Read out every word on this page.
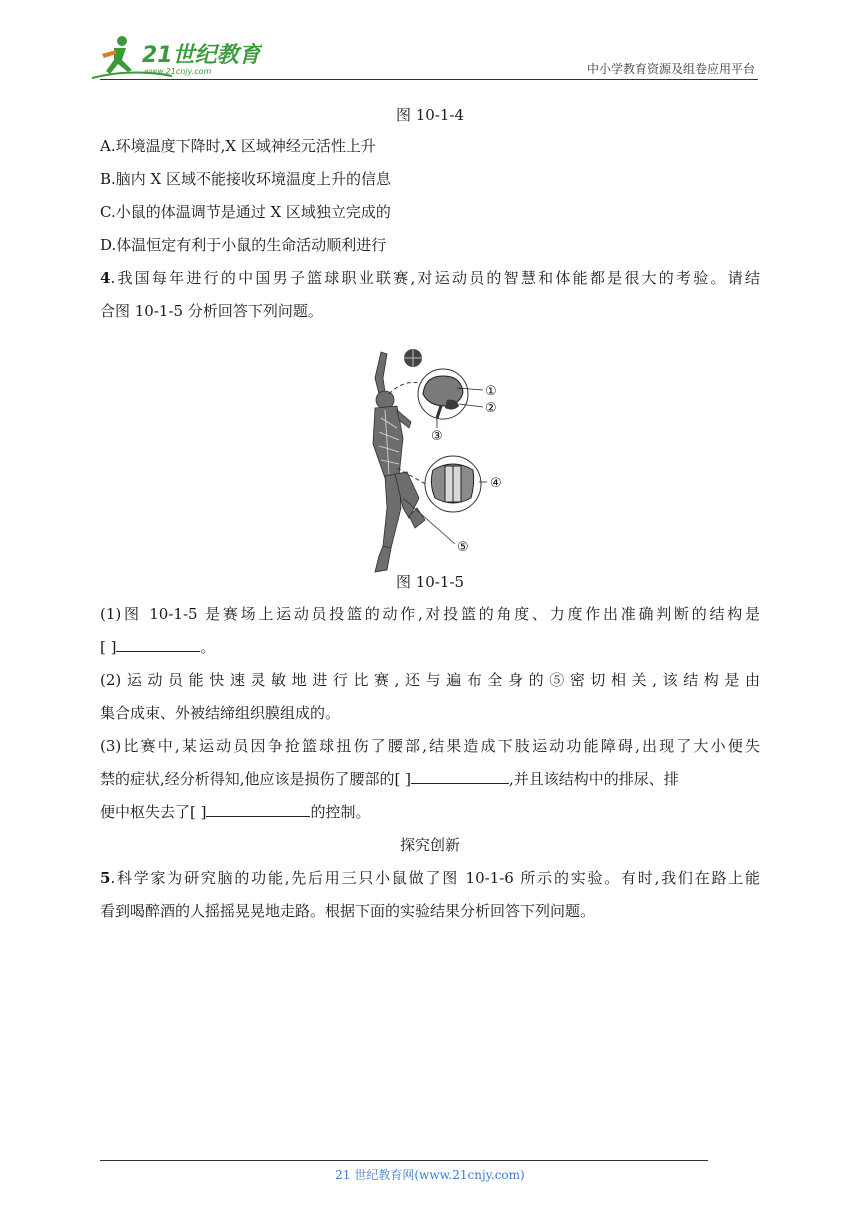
21世纪教育
www.21cnjy.com	中小学教育资源及组卷应用平台
图 10-1-4
A.环境温度下降时,X 区域神经元活性上升
B.脑内 X 区域不能接收环境温度上升的信息
C.小鼠的体温调节是通过 X 区域独立完成的
D.体温恒定有利于小鼠的生命活动顺利进行
4.我国每年进行的中国男子篮球职业联赛,对运动员的智慧和体能都是很大的考验。请结
合图 10-1-5 分析回答下列问题。
图 10-1-5
(1)图 10-1-5 是赛场上运动员投篮的动作,对投篮的角度、力度作出准确判断的结构是
[ ]	。
(2)运动员能快速灵敏地进行比赛,还与遍布全身的⑤密切相关,该结构是由
集合成束、外被结缔组织膜组成的。
(3)比赛中,某运动员因争抢篮球扭伤了腰部,结果造成下肢运动功能障碍,出现了大小便失
禁的症状,经分析得知,他应该是损伤了腰部的[ ]	,并且该结构中的排尿、排
便中枢失去了[ ]	的控制。
探究创新
5.科学家为研究脑的功能,先后用三只小鼠做了图 10-1-6 所示的实验。有时,我们在路上能
看到喝醉酒的人摇摇晃晃地走路。根据下面的实验结果分析回答下列问题。
①
②
③
④
⑤
21 世纪教育网(www.21cnjy.com)
